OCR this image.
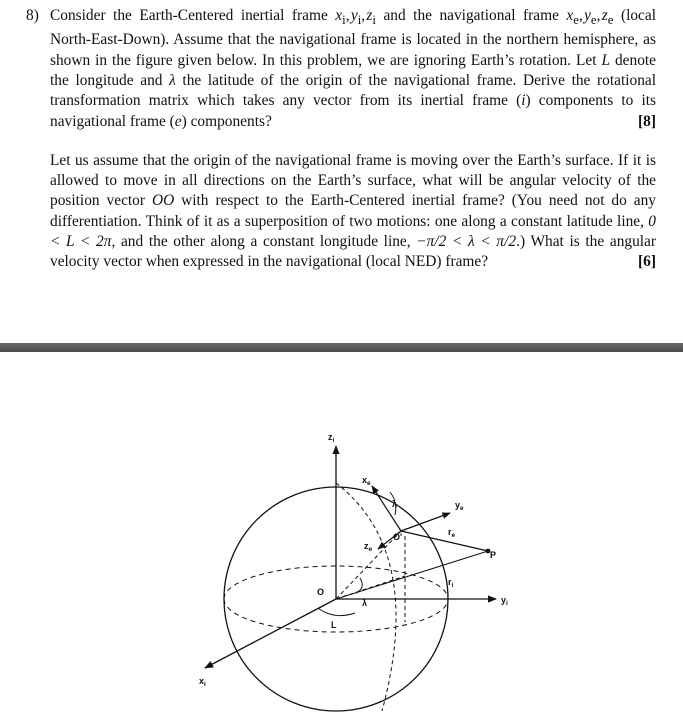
8) Consider the Earth-Centered inertial frame $x_i$, $y_i$, $z_i$ and the navigational frame $x_e$, $y_e$, $z_e$ (local North-East-Down). Assume that the navigational frame is located in the northern hemisphere, as shown in the figure given below. In this problem, we are ignoring Earth’s rotation. Let L denote the longitude and λ the latitude of the origin of the navigational frame. Derive the rotational transformation matrix which takes any vector from its inertial frame (i) components to its navigational frame (e) components?	[8]
Let us assume that the origin of the navigational frame is moving over the Earth’s surface. If it is allowed to move in all directions on the Earth’s surface, what will be angular velocity of the position vector OO with respect to the Earth-Centered inertial frame? (You need not do any differentiation. Think of it as a superposition of two motions: one along a constant latitude line, 0 < L < 2π, and the other along a constant longitude line, −π/2 < λ < π/2.) What is the angular velocity vector when expressed in the navigational (local NED) frame?	[6]
$z_i$
$x_i$
$y_i$
$x_e$
$y_e$
$z_e$
$r_e$
$r_i$
O
O'
P
L
λ
λ
